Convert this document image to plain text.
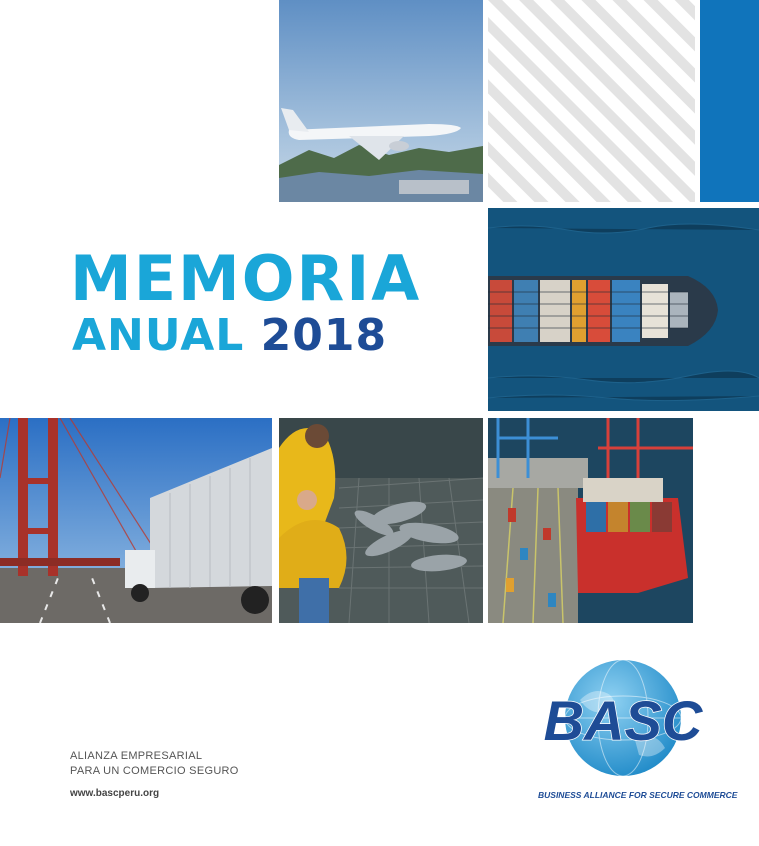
MEMORIA
ANUAL 2018
ALIANZA EMPRESARIAL
PARA UN COMERCIO SEGURO
www.bascperu.org
BASC
BUSINESS ALLIANCE FOR SECURE COMMERCE
